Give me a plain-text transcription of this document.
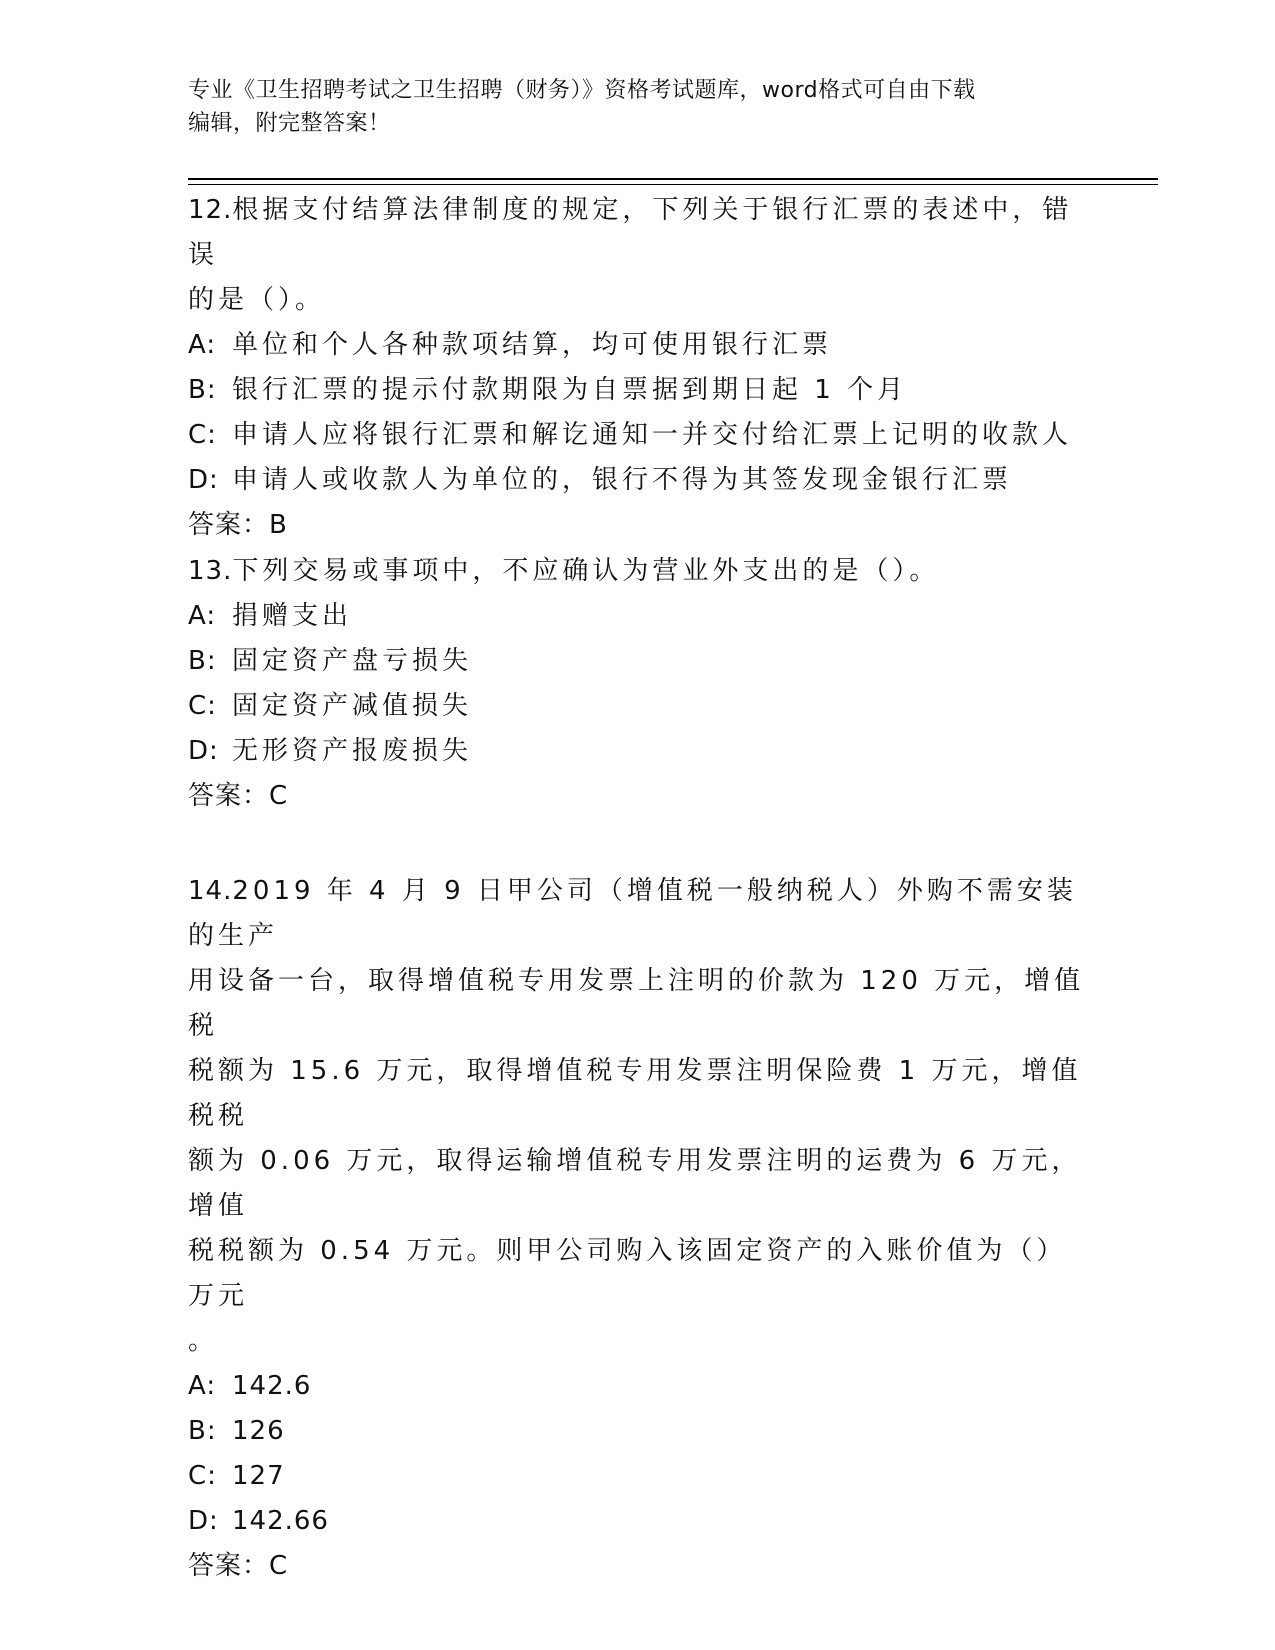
专业《卫生招聘考试之卫生招聘（财务）》资格考试题库，word格式可自由下载
编辑，附完整答案！

12.根据支付结算法律制度的规定，下列关于银行汇票的表述中，错误

的是（）。

A: 单位和个人各种款项结算，均可使用银行汇票

B: 银行汇票的提示付款期限为自票据到期日起 1 个月

C: 申请人应将银行汇票和解讫通知一并交付给汇票上记明的收款人

D: 申请人或收款人为单位的，银行不得为其签发现金银行汇票

答案：B

13.下列交易或事项中，不应确认为营业外支出的是（）。

A: 捐赠支出

B: 固定资产盘亏损失

C: 固定资产减值损失

D: 无形资产报废损失

答案：C

14.2019 年 4 月 9 日甲公司（增值税一般纳税人）外购不需安装的生产

用设备一台，取得增值税专用发票上注明的价款为 120 万元，增值税

税额为 15.6 万元，取得增值税专用发票注明保险费 1 万元，增值税税

额为 0.06 万元，取得运输增值税专用发票注明的运费为 6 万元，增值

税税额为 0.54 万元。则甲公司购入该固定资产的入账价值为（）万元

。

A: 142.6

B: 126

C: 127

D: 142.66

答案：C
